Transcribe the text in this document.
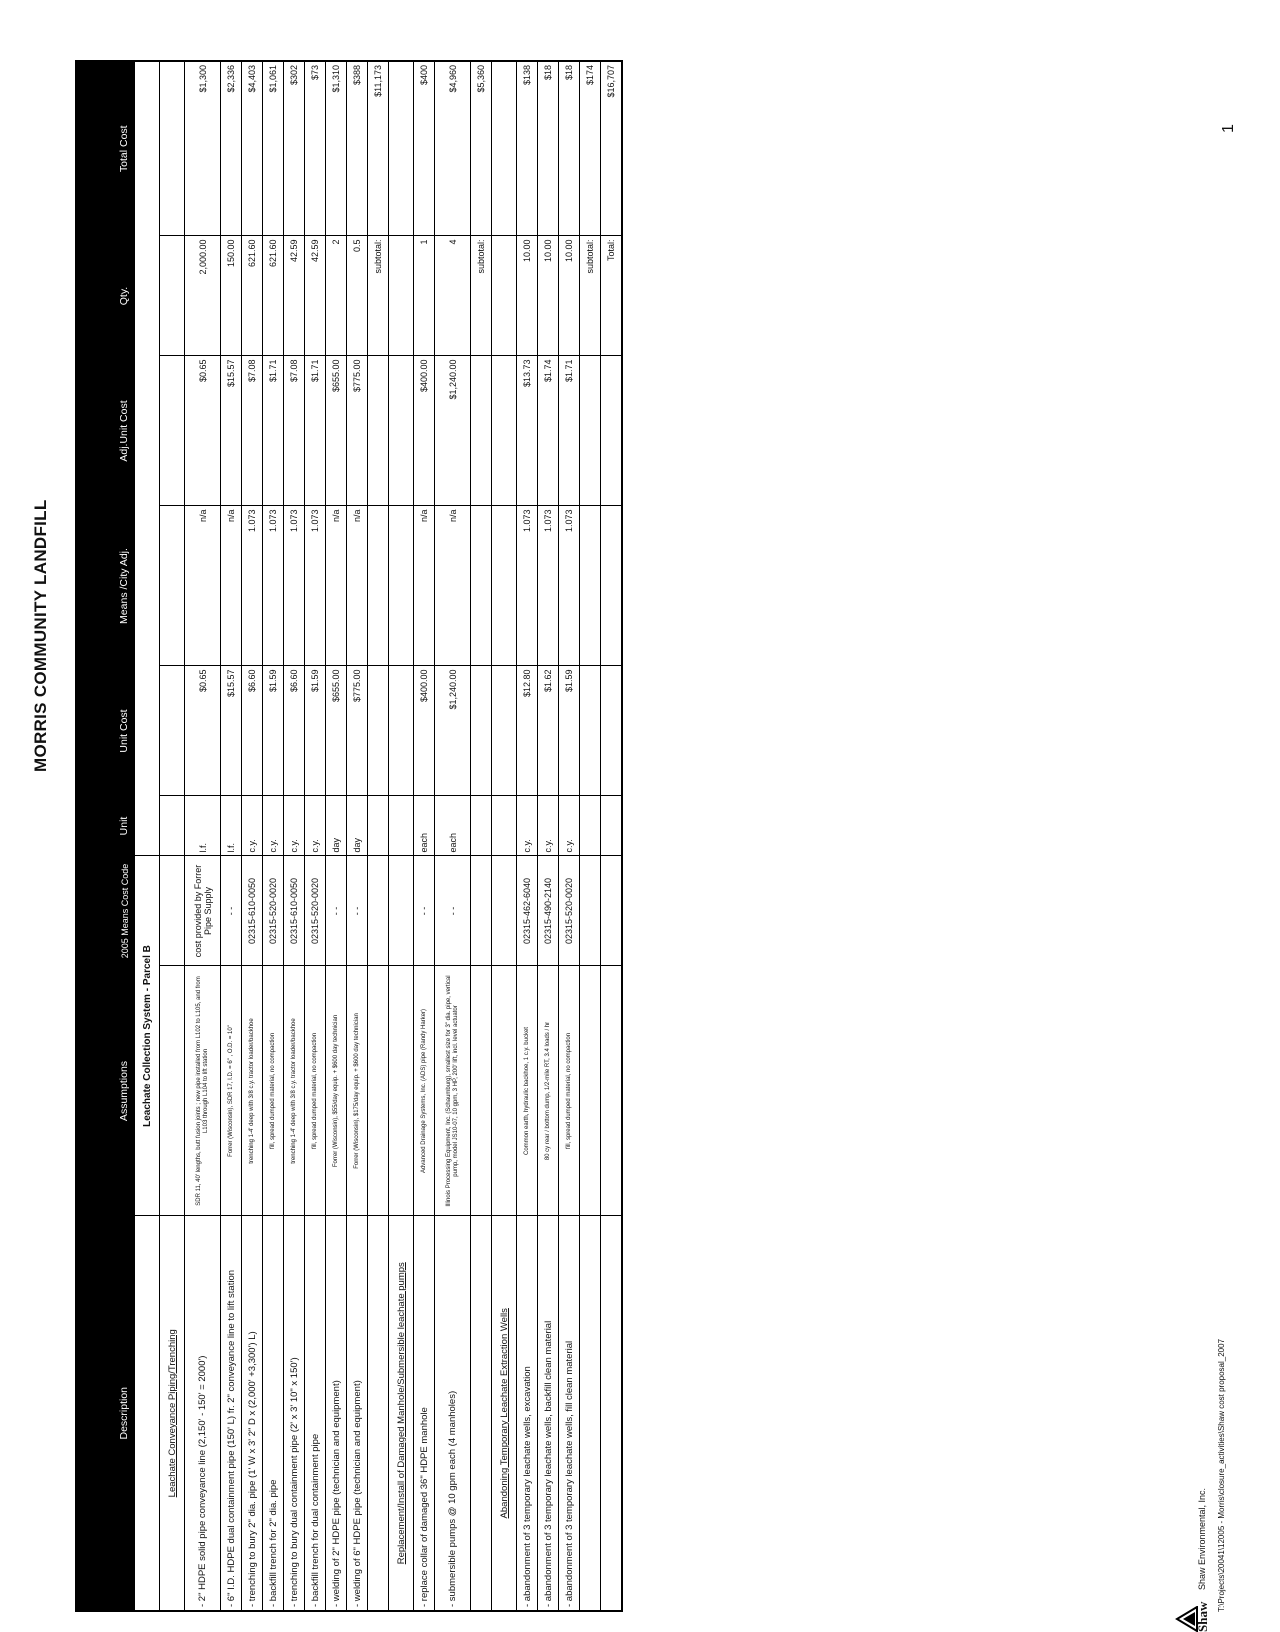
MORRIS COMMUNITY LANDFILL
Description	Assumptions	2005 Means Cost Code	Unit	Unit Cost	Means /City Adj.	Adj.Unit Cost	Qty.	Total Cost
	Leachate Collection System - Parcel B							
Leachate Conveyance Piping/Trenching								
- 2" HDPE solid pipe conveyance line (2,150' - 150' = 2000')	SDR 11, 40' lengths, butt fusion joints ; new pipe installed from L102 to L105, and from L103 through L104 to lift station	cost provided by Forrer Pipe Supply	l.f.	$0.65	n/a	$0.65	2,000.00	$1,300
- 6" I.D. HDPE dual containment pipe (150' L) fr. 2" conveyance line to lift station	Forrer (Wisconsin), SDR 17, I.D. = 6" , O.D. = 10"	- -	l.f.	$15.57	n/a	$15.57	150.00	$2,336
- trenching to bury 2" dia. pipe (1' W x 3' 2" D x (2,000' +3,300') L)	trenching 1-4' deep with 3/8 c.y. tractor loader/backhoe	02315-610-0050	c.y.	$6.60	1.073	$7.08	621.60	$4,403
- backfill trench for 2" dia. pipe	fill, spread dumped material, no compaction	02315-520-0020	c.y.	$1.59	1.073	$1.71	621.60	$1,061
- trenching to bury dual containment pipe (2' x 3' 10" x 150')	trenching 1-4' deep with 3/8 c.y. tractor loader/backhoe	02315-610-0050	c.y.	$6.60	1.073	$7.08	42.59	$302
- backfill trench for dual containment pipe	fill, spread dumped material, no compaction	02315-520-0020	c.y.	$1.59	1.073	$1.71	42.59	$73
- welding of 2" HDPE pipe (technician and equipment)	Forrer (Wisconsin), $55/day equip. + $600 day technician	- -	day	$655.00	n/a	$655.00	2	$1,310
- welding of 6" HDPE pipe (technician and equipment)	Forrer (Wisconsin), $175/day equip. + $600 day technician	- -	day	$775.00	n/a	$775.00	0.5	$388
							subtotal:	$11,173
Replacement/Install of Damaged Manhole/Submersible leachate pumps								
- replace collar of damaged 36" HDPE manhole	Advanced Drainage Systems, Inc. (ADS) pipe (Randy Harker)	- -	each	$400.00	n/a	$400.00	1	$400
- submersible pumps @ 10 gpm each (4 manholes)	Illinois Processing Equipment, Inc. (Schaumburg), smallest size for 3" dia. pipe, vertical pump, model JS10-07, 10 gpm, 3 HP, 200' lift, incl. level actuator	- -	each	$1,240.00	n/a	$1,240.00	4	$4,960
							subtotal:	$5,360
Abandoning Temporary Leachate Extraction Wells								
- abandonment of 3 temporary leachate wells, excavation	Common earth, hydraulic backhoe, 1 c.y. bucket	02315-462-6040	c.y.	$12.80	1.073	$13.73	10.00	$138
- abandonment of 3 temporary leachate wells, backfill clean material	80 cy rear / bottom dump, 1/2-mile RT, 3.4 loads / hr	02315-490-2140	c.y.	$1.62	1.073	$1.74	10.00	$18
- abandonment of 3 temporary leachate wells, fill clean material	fill, spread dumped material, no compaction	02315-520-0020	c.y.	$1.59	1.073	$1.71	10.00	$18
							subtotal:	$174
							Total:	$16,707
Shaw
Shaw Environmental, Inc. T:\Projects\20041\12005 - Morris\closure_activities\Shaw cost proposal_2007
1
